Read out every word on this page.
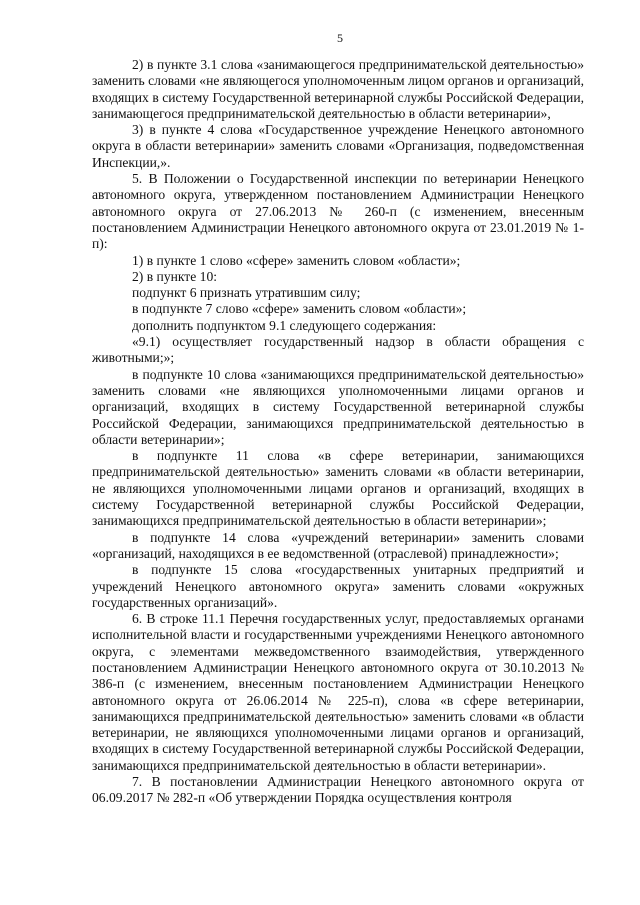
5

2) в пункте 3.1 слова «занимающегося предпринимательской деятельностью» заменить словами «не являющегося уполномоченным лицом органов и организаций, входящих в систему Государственной ветеринарной службы Российской Федерации, занимающегося предпринимательской деятельностью в области ветеринарии»,

3) в пункте 4 слова «Государственное учреждение Ненецкого автономного округа в области ветеринарии» заменить словами «Организация, подведомственная Инспекции,».

5. В Положении о Государственной инспекции по ветеринарии Ненецкого автономного округа, утвержденном постановлением Администрации Ненецкого автономного округа от 27.06.2013 № 260-п (с изменением, внесенным постановлением Администрации Ненецкого автономного округа от 23.01.2019 № 1-п):

1) в пункте 1 слово «сфере» заменить словом «области»;

2) в пункте 10:

подпункт 6 признать утратившим силу;

в подпункте 7 слово «сфере» заменить словом «области»;

дополнить подпунктом 9.1 следующего содержания:

«9.1) осуществляет государственный надзор в области обращения с животными;»;

в подпункте 10 слова «занимающихся предпринимательской деятельностью» заменить словами «не являющихся уполномоченными лицами органов и организаций, входящих в систему Государственной ветеринарной службы Российской Федерации, занимающихся предпринимательской деятельностью в области ветеринарии»;

в подпункте 11 слова «в сфере ветеринарии, занимающихся предпринимательской деятельностью» заменить словами «в области ветеринарии, не являющихся уполномоченными лицами органов и организаций, входящих в систему Государственной ветеринарной службы Российской Федерации, занимающихся предпринимательской деятельностью в области ветеринарии»;

в подпункте 14 слова «учреждений ветеринарии» заменить словами «организаций, находящихся в ее ведомственной (отраслевой) принадлежности»;

в подпункте 15 слова «государственных унитарных предприятий и учреждений Ненецкого автономного округа» заменить словами «окружных государственных организаций».

6. В строке 11.1 Перечня государственных услуг, предоставляемых органами исполнительной власти и государственными учреждениями Ненецкого автономного округа, с элементами межведомственного взаимодействия, утвержденного постановлением Администрации Ненецкого автономного округа от 30.10.2013 № 386-п (с изменением, внесенным постановлением Администрации Ненецкого автономного округа от 26.06.2014 № 225-п), слова «в сфере ветеринарии, занимающихся предпринимательской деятельностью» заменить словами «в области ветеринарии, не являющихся уполномоченными лицами органов и организаций, входящих в систему Государственной ветеринарной службы Российской Федерации, занимающихся предпринимательской деятельностью в области ветеринарии».

7. В постановлении Администрации Ненецкого автономного округа от 06.09.2017 № 282-п «Об утверждении Порядка осуществления контроля
